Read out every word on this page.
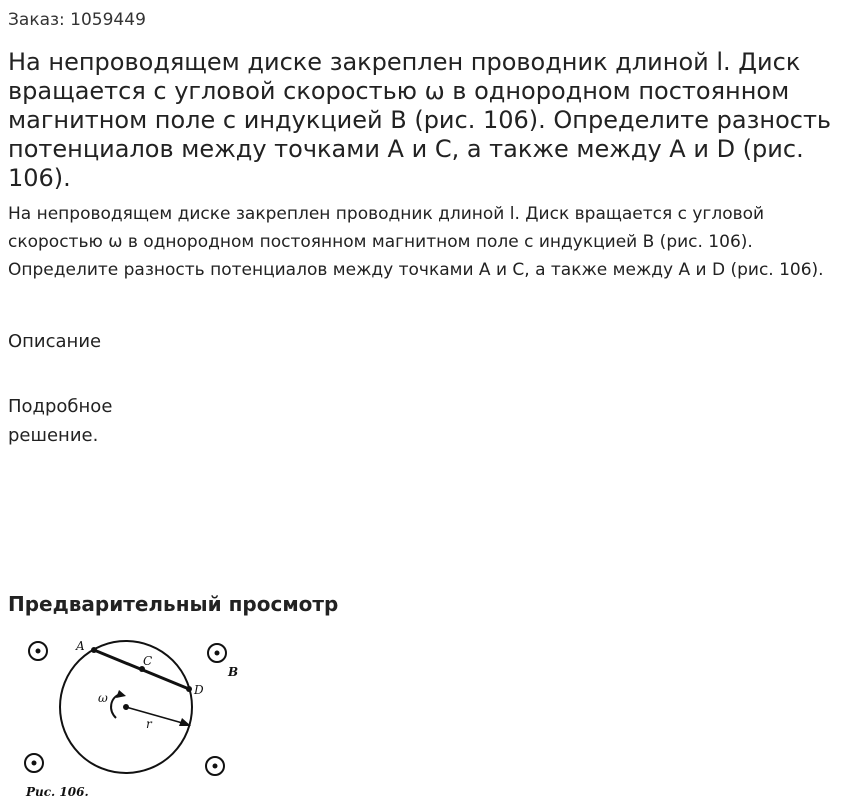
Заказ: 1059449
На непроводящем диске закреплен проводник длиной l. Диск вращается с угловой скоростью ω в однородном постоянном магнитном поле с индукцией В (рис. 106). Определите разность потенциалов между точками A и C, а также между A и D (рис. 106).
На непроводящем диске закреплен проводник длиной l. Диск вращается с угловой скоростью ω в однородном постоянном магнитном поле с индукцией В (рис. 106). Определите разность потенциалов между точками A и C, а также между A и D (рис. 106).
Описание
Подробное решение.
Предварительный просмотр
A
C
D
B
ω
r
Рис. 106.
